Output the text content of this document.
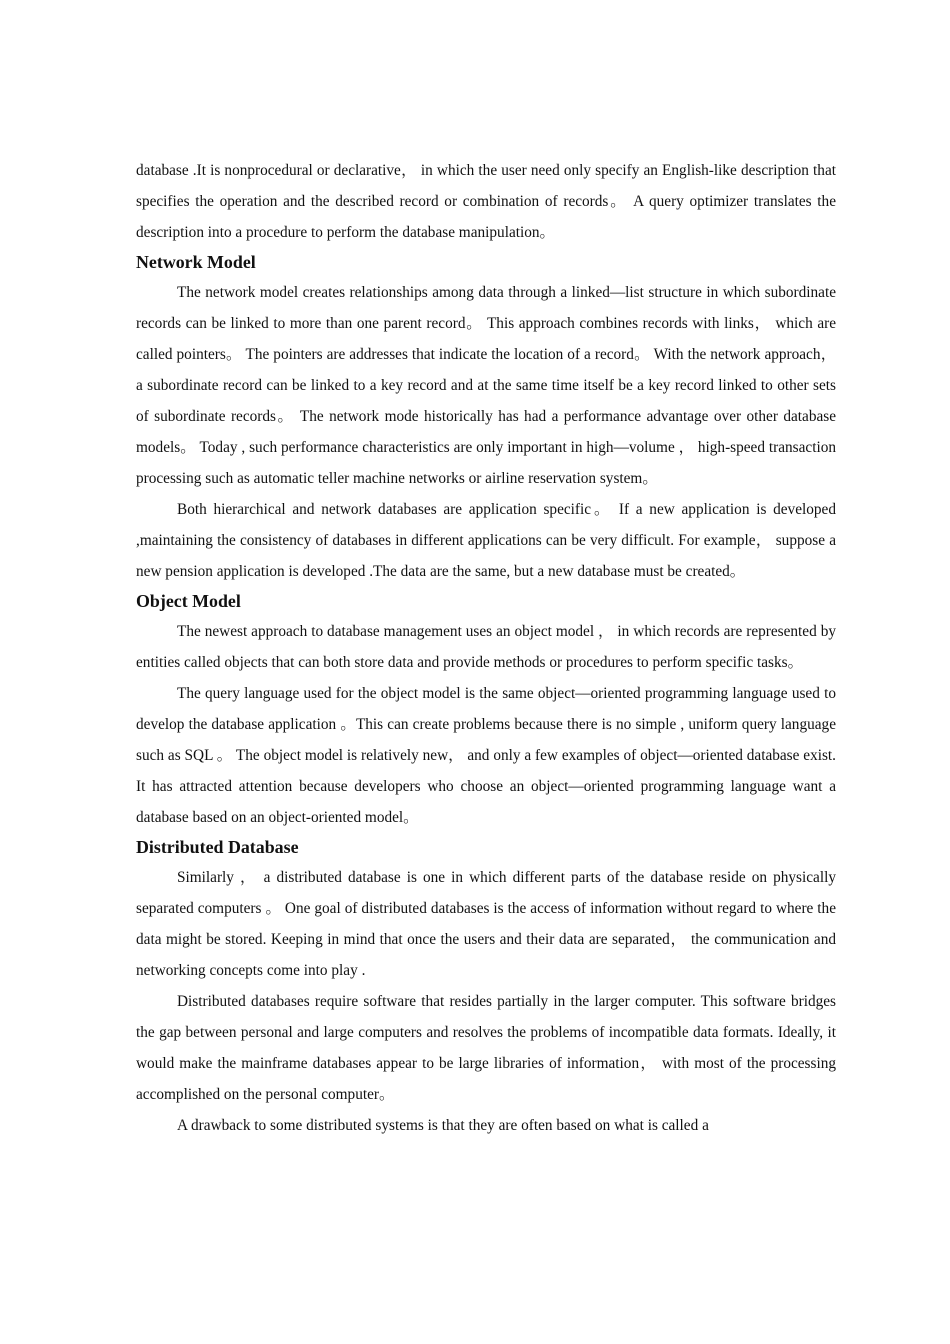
database .It is nonprocedural or declarative， in which the user need only specify an English-like description that specifies the operation and the described record or combination of records。 A query optimizer translates the description into a procedure to perform the database manipulation。

Network Model

The network model creates relationships among data through a linked—list structure in which subordinate records can be linked to more than one parent record。 This approach combines records with links， which are called pointers。 The pointers are addresses that indicate the location of a record。 With the network approach， a subordinate record can be linked to a key record and at the same time itself be a key record linked to other sets of subordinate records。 The network mode historically has had a performance advantage over other database models。 Today , such performance characteristics are only important in high—volume ， high-speed transaction processing such as automatic teller machine networks or airline reservation system。

Both hierarchical and network databases are application specific。 If a new application is developed ,maintaining the consistency of databases in different applications can be very difficult. For example， suppose a new pension application is developed .The data are the same, but a new database must be created。

Object Model

The newest approach to database management uses an object model ， in which records are represented by entities called objects that can both store data and provide methods or procedures to perform specific tasks。

The query language used for the object model is the same object—oriented programming language used to develop the database application 。This can create problems because there is no simple , uniform query language such as SQL 。 The object model is relatively new， and only a few examples of object—oriented database exist. It has attracted attention because developers who choose an object—oriented programming language want a database based on an object-oriented model。

Distributed Database

Similarly ， a distributed database is one in which different parts of the database reside on physically separated computers 。 One goal of distributed databases is the access of information without regard to where the data might be stored. Keeping in mind that once the users and their data are separated， the communication and networking concepts come into play .

Distributed databases require software that resides partially in the larger computer. This software bridges the gap between personal and large computers and resolves the problems of incompatible data formats. Ideally, it would make the mainframe databases appear to be large libraries of information， with most of the processing accomplished on the personal computer。

A drawback to some distributed systems is that they are often based on what is called a
